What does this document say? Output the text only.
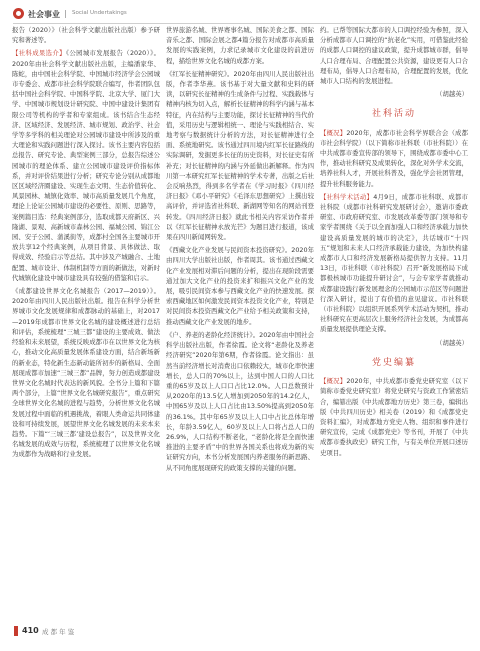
社会事业 | Social Undertakings

报告（2020）》（社会科学文献出版社出版）参予研究和著述等。

【社科成果选介】《公园城市发展报告（2020）》。2020年由社会科学文献出版社出版，主编潘家华、陈蛇，由中国社会科学院、中国城市经济学会公园城市专委会、成都市社会科学院联合编写，作者团队包括中国社会科学院、中国科学院、北京大学、厦门大学、中国城市规划设计研究院、中国中建设计集团有限公司等机构的学者和专家组成。该书结合生态经济、区域经济、发展经济、城市规划、政治学、社会学等多学科的相关理论对公园城市建设中所涉及的重大理论和实践问题进行深入探讨。该书主要内容包括总报告、研究专论、典型案例三部分，总报告综述公园城市的理论体系、建立公园城市建设评价指标体系，并对评价结果进行分析；研究专论分别从成都地区区域经济圈建设、实现生态文明、生态价值转化、风景园林、城镇化效率、城市高质量发展几个角度，理论上论证公园城市建设的必要性、原则、思路等，案例篇目选：经典案例部分，选取成都天府新区、兴隆湖、景观、高新城市森林公园、福城公园、锦江公园、安子公园、蒲溪街等，成都村全国各主要城市开放共享12个经典案例，从项目背景、具体做法、取得成效、经验启示等总结。其中涉及产城融合、土地配置、城市设计、体制机制等方面的新做法，对新时代城镇化建设中城市建设具有较强的借鉴和启示。

《成都建设世界文化名城报告（2017—2019）》。2020年由四川人民出版社出版。报告在科学分析世界城市文化发展规律和成都脉动的基础上，对2017—2019年成都市世界文化名城的建设概述进行总结和评估，系统梳理“三城三都”建设的主要成效、做法经验和未来展望，系统反映成都市在以世界文化为核心，推动文化高质量发展体系建设方面，结合新场新的新业态，特化新生态新动能所初步的新格局、全面展现成都市加速“三城三都”品牌，努力创造成都建设世界文化名城时代表达的新风貌。全书分上篇和下篇两个部分，上篇“世界文化名城研究报告”，重点研究全球世界文化名城的进程与趋势，分析世界文化名城发展过程中面临的机遇挑战，着眼人类命运共同体建设和可持续发展，展望世界文化名城发展的未来本来趋势。下篇“‘三城三都’建设总报告”，以及世界文化名城发展的成效与历程，系统梳理了以世界文化名城为成都作为战略和行业发展。

世界旅游名城、世界赛事名城、国际美食之都、国际音乐之都、国际会展之都4篇分报告对成都市高质量发展的实践案例，力求记录城市文化建设的前进历程，描绘世界文化名城的成都方案。

《红军长征精神研究》。2020年由四川人民出版社出版，作者李华燕。该书基于对大量文献和史料的研读，以研究长征精神的生成条件与过程、实践载体与精神内核为切入点，解析长征精神的科学内涵与基本特征，内在结构与主要功能，探讨长征精神的当代价值，采用历史与逻辑相统一、理论与实践相结合、实地考察与数据统计分析的方法，对长征精神进行全面、系统地研究。该书通过四川境内红军长征路线的实际调研，发掘更多长征的历史资料，对长征史有所补充；对长征精神的内涵与外延做出新解释。作为四川第一本研究红军长征精神的学术专著，出版之后社会反响热烈，得到多名学者在《学习时报》《四川经济日报》《邓小平研究》《毛泽东思想研究》上撰出较高评价，并评选省社科联、新湖网等知名的网站刊登转发。《四川经济日报》就此书相关内容采访作者并以《红军长征精神永放光芒》为题目进行报道，该成果在四川新闻网转发。

《西藏文化产业发展与民间资本投资研究》。2020年由四川大学出版社出版，作者周其。该书通过西藏文化产业发展相对滞后问题的分析，提出在现阶段需要通过加大文化产业的投资来扩和振兴文化产业的发展，吸引民间资本参与西藏文化产业的快速发展。探索西藏地区如何激发民间资本投资文化产业，特别是对民间资本投资西藏文化产业给予相关政策和支持，推动西藏文化产业发展的地步。

《户、养老的老龄化经济统计》。2020年由中国社会科学出版社出版，作者徐霞。论文将“老龄化及养老经济研究”2020年第6期，作者徐霞。论文指出：虽然当前经济增长对消费出口依赖较大，城市化率快速增长，总人口的70%以上，达到中国人口的人口比重的65岁及以上人口口占比12.0%。人口总数预计从2020年的13.5亿人增加到2050年的14.2亿人，中国65岁及以上人口占比由13.50%提高到2050年的36.1%。其中年65岁及以上人口中占比总体年增长，年龄3.59亿人，60岁及以上人口将占总人口的26.9%，人口结构不断老化，“老龄化将是全面快速推进的主要矛盾”中的世界各国关系也将成为新的实证研究方向，本书分析发展国内养老服务的新思路、从不同角度展现研究的政策支撑的关键的问题。

约。已帮等国际大都市的人口调控经验为参照，深入分析成都市人口调控的“抗老化”实用，可借鉴此经验的成都人口调控的建议政策，提升成都城市群，倡导人口合理布局、合理配置公共资源，建设更有人口合理布局，倡导人口合理布局，合理配置的发展，优化城市人口结构的发展进程。

（胡越英）
社科活动

【概况】2020年，成都市社会科学界联合会（成都市社会科学院）（以下简称市社科联（市社科院））在中共成都市委宣传部的领导下，围绕成都市委中心工作，推动社科研究及成果转化，深化对外学术交流，培养社科人才，开展社科普及，强化学会社团管理，提升社科服务能力。

【社科学术活动】4月9日，成都市社科联、成都市社科院（成都市社科研究发展研讨会），邀请市委政研室、市政府研究室、市发展改革委等部门领导和专家学者围绕《关于以全面加强人口和经济承载力加快建设高质量发展的城市的决定》，共话城市“十四五”规划和未来人口经济承载能力建设，为加快构建成都市人口和经济发展新格局提供智力支持。11月13日，市社科联（市社科院）召开“新发展格局下成都极核城市功能提升研讨会”，与会专家学者就推动成都建设践行新发展理念的公园城市示范区等问题进行深入研讨，提出了有价值的意见建议。市社科联（市社科院）以组织开展系列学术活动为契机，推动社科研究在更高层次上服务经济社会发展，为成都高质量发展提供理论支撑。

（胡越英）
党史编纂

【概况】2020年，中共成都市委党史研究室（以下简称市委党史研究室）将党史研究与资政工作紧密结合，编纂出版《中共成都地方历史》第三卷，编辑出版《中共四川历史》相关卷（2019）和《成都党史资料汇编》，对成都地方党史人物、组织和事件进行研究宣传，完成《成都党史》等书刊，开展了《中共成都市委执政史》研究工作，与有关单位开展口述历史项目。

410 成 都 年 鉴
